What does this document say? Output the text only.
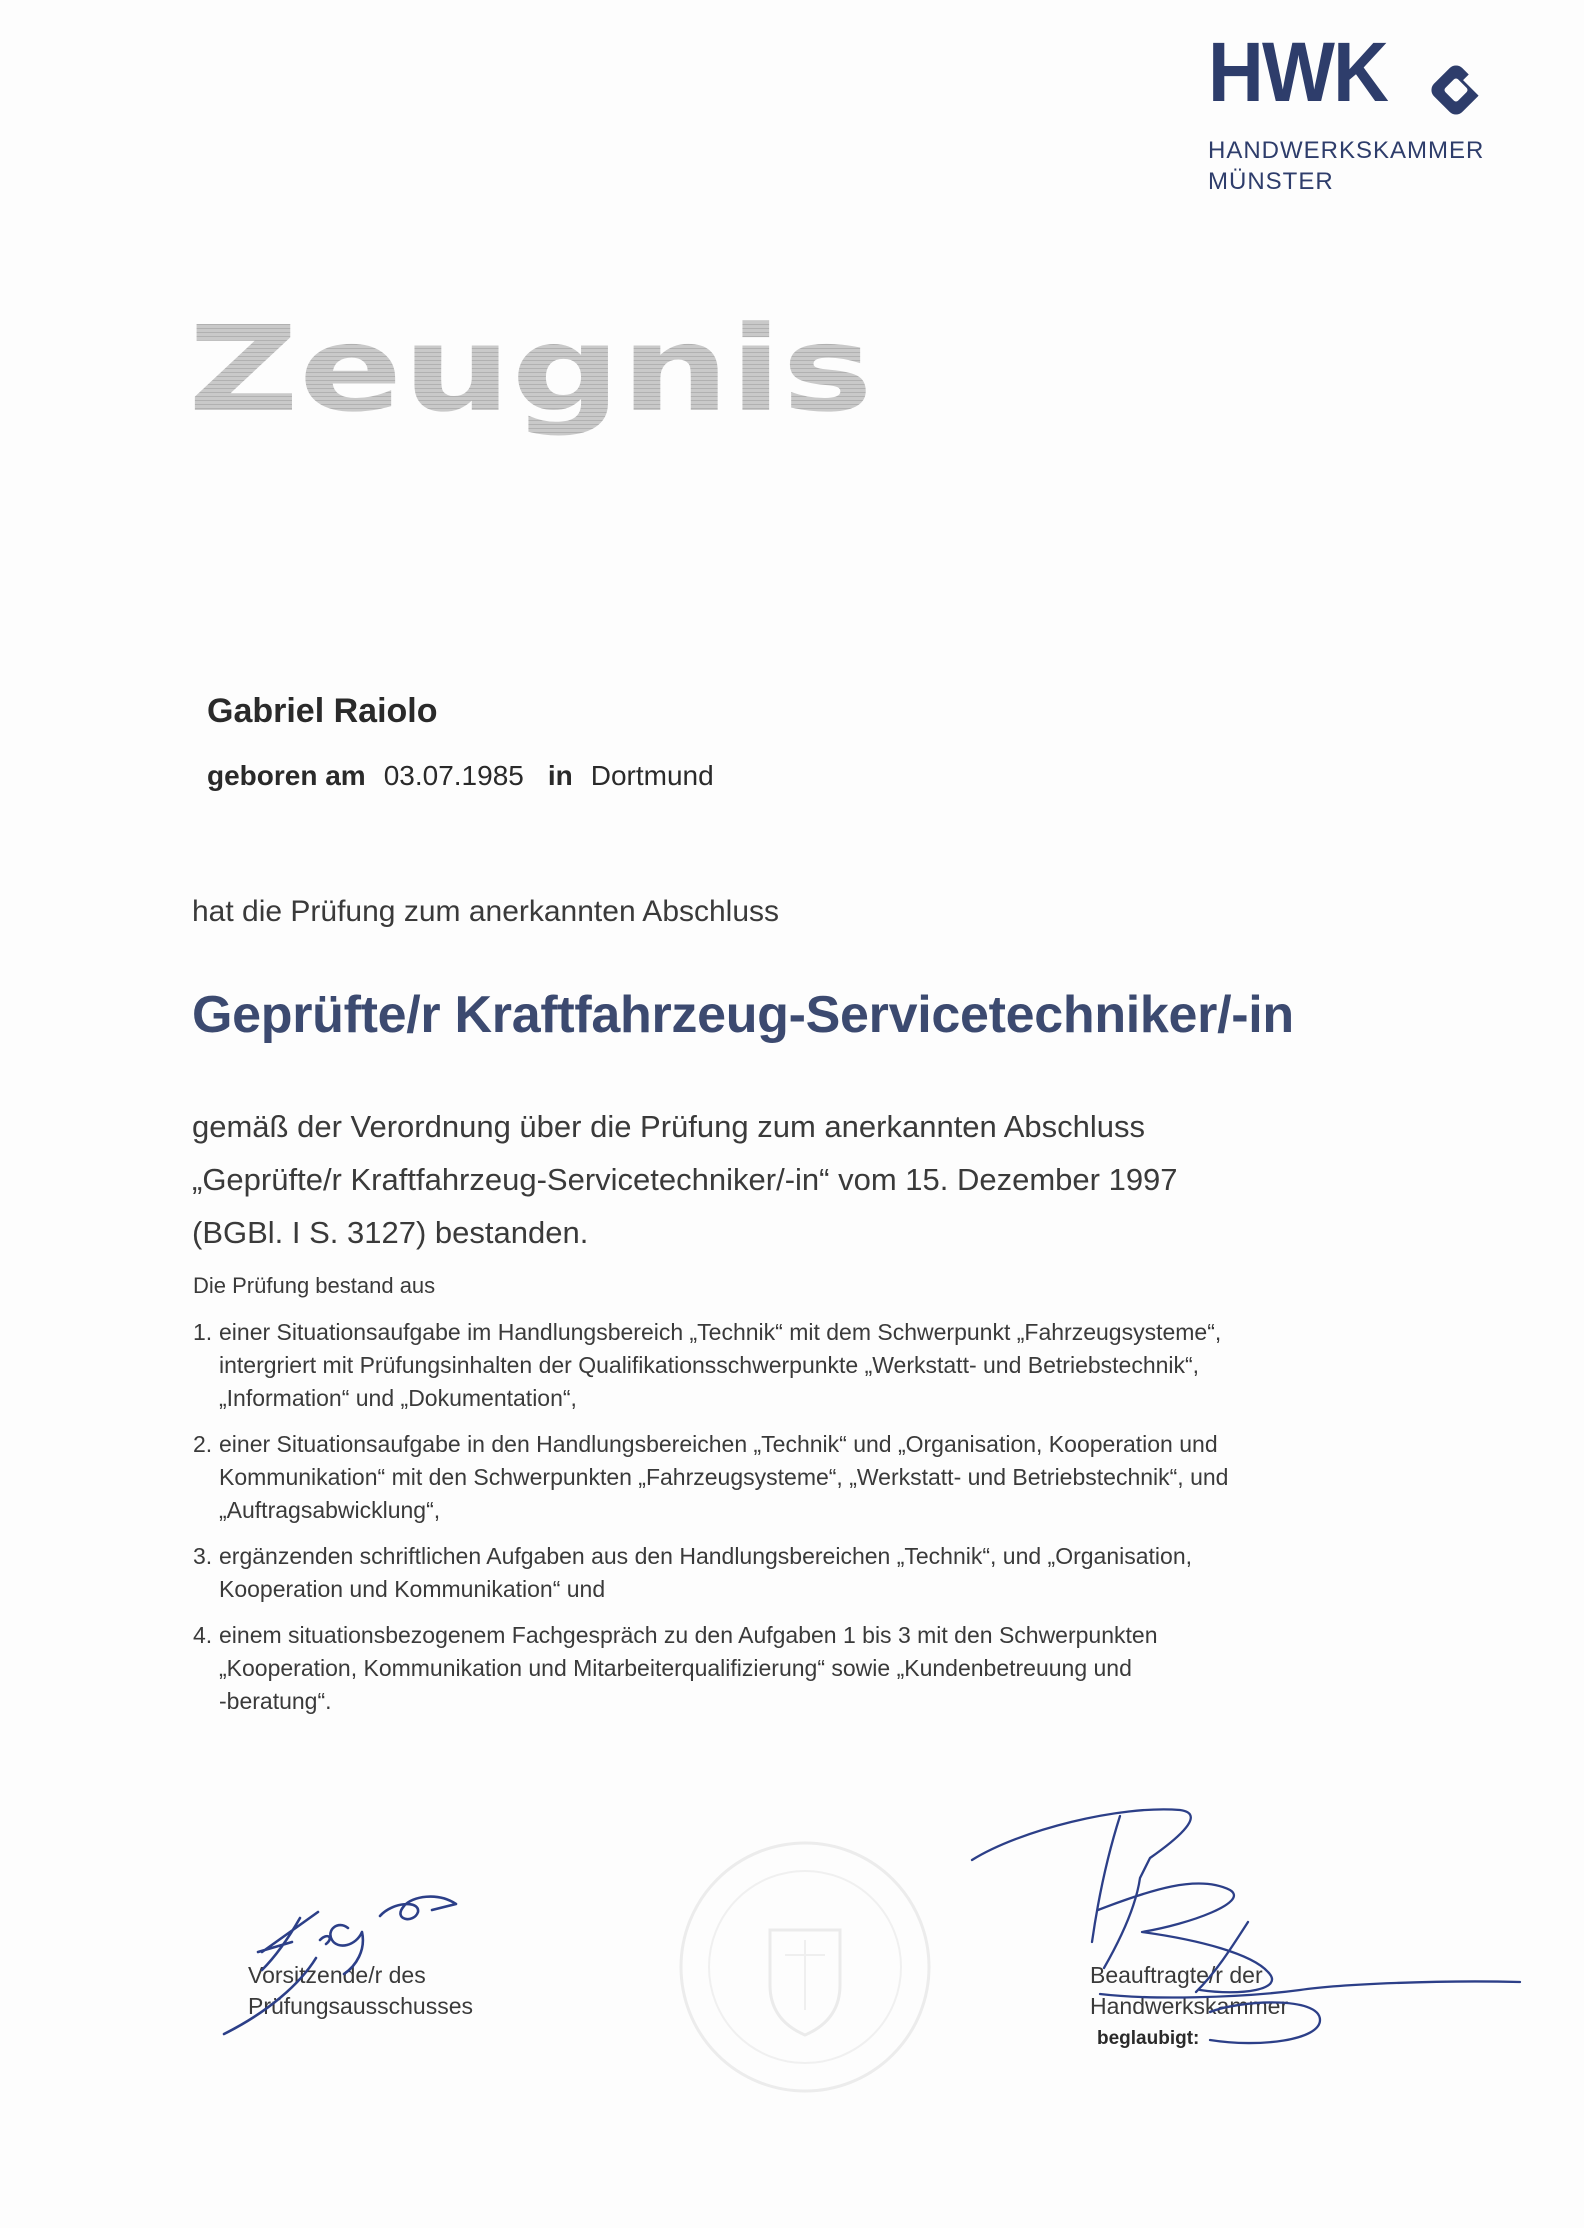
HWK
HANDWERKSKAMMER
MÜNSTER
Zeugnis
Gabriel Raiolo
geboren am 03.07.1985 in Dortmund
hat die Prüfung zum anerkannten Abschluss
Geprüfte/r Kraftfahrzeug-Servicetechniker/-in
gemäß der Verordnung über die Prüfung zum anerkannten Abschluss
„Geprüfte/r Kraftfahrzeug-Servicetechniker/-in“ vom 15. Dezember 1997
(BGBl. I S. 3127) bestanden.
Die Prüfung bestand aus
1. einer Situationsaufgabe im Handlungsbereich „Technik“ mit dem Schwerpunkt „Fahrzeugsysteme“,
intergriert mit Prüfungsinhalten der Qualifikationsschwerpunkte „Werkstatt- und Betriebstechnik“,
„Information“ und „Dokumentation“,
2. einer Situationsaufgabe in den Handlungsbereichen „Technik“ und „Organisation, Kooperation und
Kommunikation“ mit den Schwerpunkten „Fahrzeugsysteme“, „Werkstatt- und Betriebstechnik“, und
„Auftragsabwicklung“,
3. ergänzenden schriftlichen Aufgaben aus den Handlungsbereichen „Technik“, und „Organisation,
Kooperation und Kommunikation“ und
4. einem situationsbezogenem Fachgespräch zu den Aufgaben 1 bis 3 mit den Schwerpunkten
„Kooperation, Kommunikation und Mitarbeiterqualifizierung“ sowie „Kundenbetreuung und
-beratung“.
Vorsitzende/r des
Prüfungsausschusses
Beauftragte/r der
Handwerkskammer
beglaubigt:
